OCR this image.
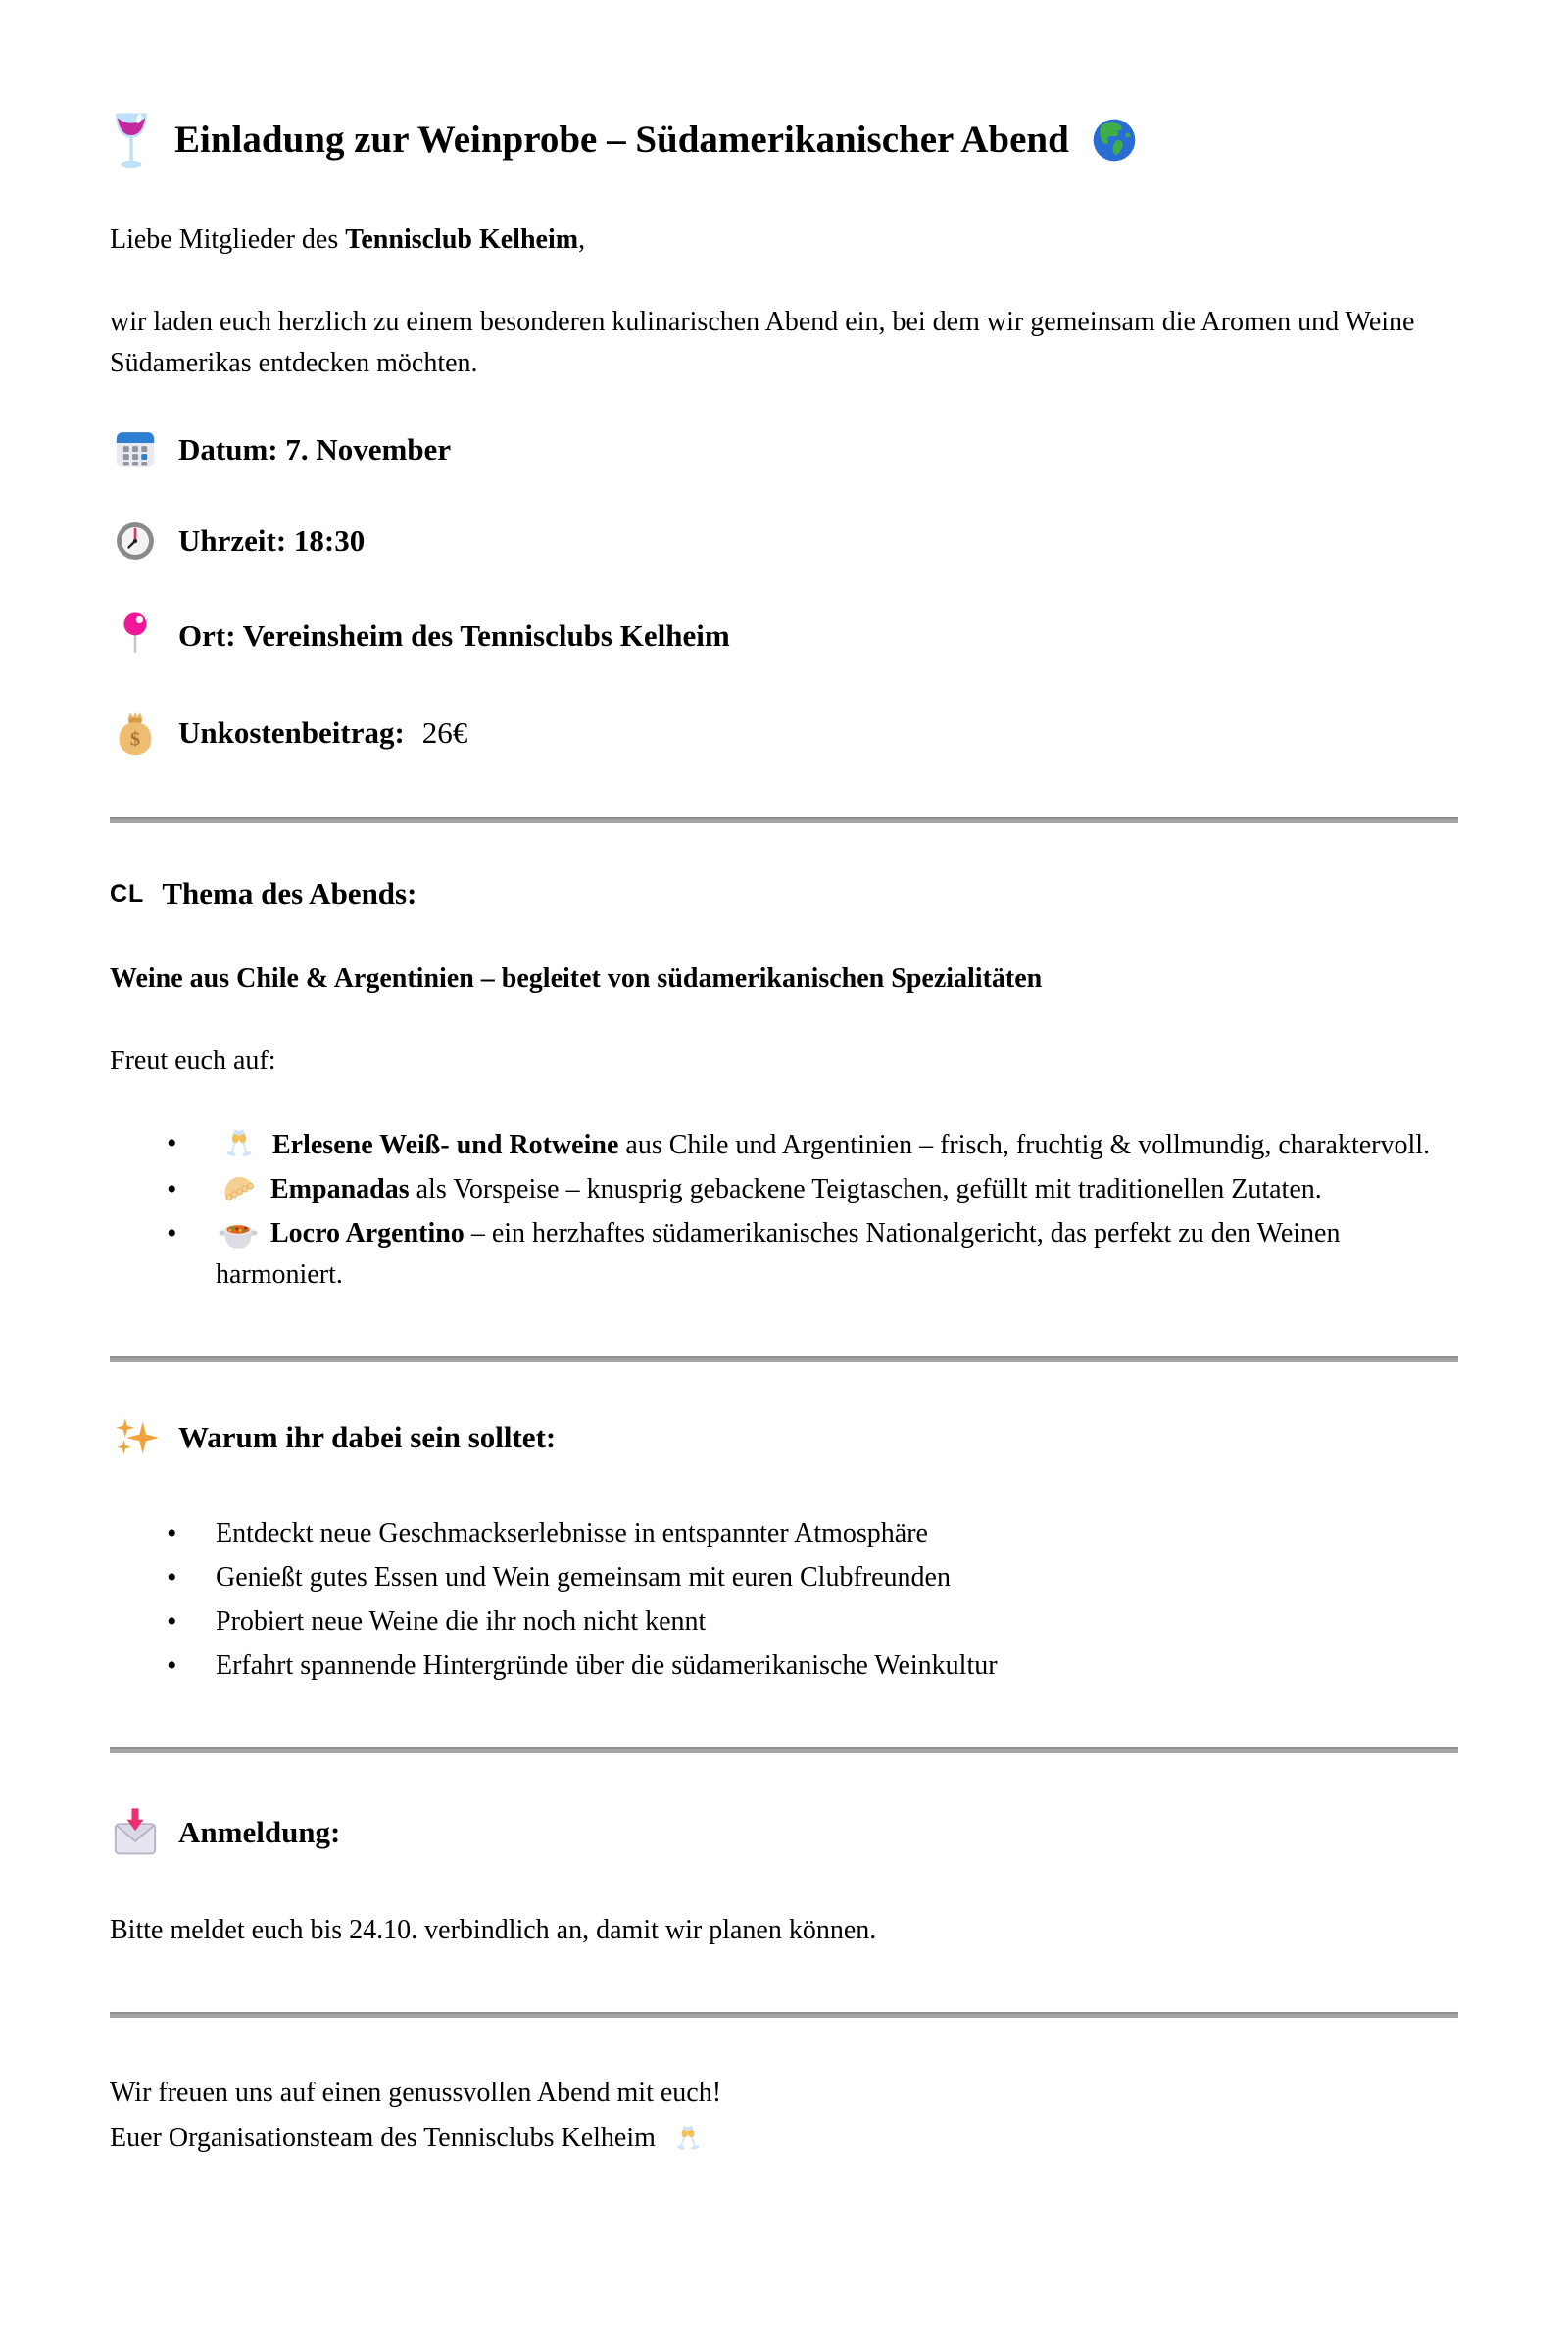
Einladung zur Weinprobe – Südamerikanischer Abend

Liebe Mitglieder des Tennisclub Kelheim,

wir laden euch herzlich zu einem besonderen kulinarischen Abend ein, bei dem wir gemeinsam die Aromen und Weine Südamerikas entdecken möchten.

Datum: 7. November
Uhrzeit: 18:30
Ort: Vereinsheim des Tennisclubs Kelheim
$ Unkostenbeitrag: 26€
CL Thema des Abends:

Weine aus Chile & Argentinien – begleitet von südamerikanischen Spezialitäten

Freut euch auf:

• Erlesene Weiß- und Rotweine aus Chile und Argentinien – frisch, fruchtig & vollmundig, charaktervoll.
• Empanadas als Vorspeise – knusprig gebackene Teigtaschen, gefüllt mit traditionellen Zutaten.
• Locro Argentino – ein herzhaftes südamerikanisches Nationalgericht, das perfekt zu den Weinen harmoniert.
Warum ihr dabei sein solltet:
• Entdeckt neue Geschmackserlebnisse in entspannter Atmosphäre
• Genießt gutes Essen und Wein gemeinsam mit euren Clubfreunden
• Probiert neue Weine die ihr noch nicht kennt
• Erfahrt spannende Hintergründe über die südamerikanische Weinkultur
Anmeldung:

Bitte meldet euch bis 24.10. verbindlich an, damit wir planen können.

Wir freuen uns auf einen genussvollen Abend mit euch!
Euer Organisationsteam des Tennisclubs Kelheim
